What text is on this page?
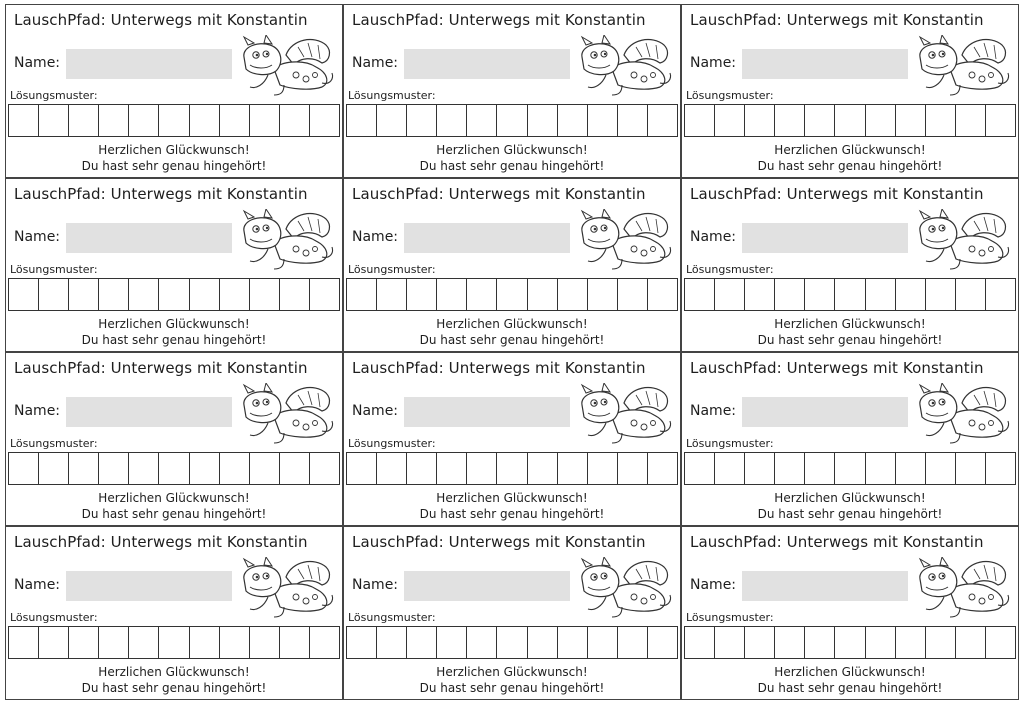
LauschPfad: Unterwegs mit Konstantin
Name:
Lösungsmuster:
Herzlichen Glückwunsch!
Du hast sehr genau hingehört!
LauschPfad: Unterwegs mit Konstantin
Name:
Lösungsmuster:
Herzlichen Glückwunsch!
Du hast sehr genau hingehört!
LauschPfad: Unterwegs mit Konstantin
Name:
Lösungsmuster:
Herzlichen Glückwunsch!
Du hast sehr genau hingehört!
LauschPfad: Unterwegs mit Konstantin
Name:
Lösungsmuster:
Herzlichen Glückwunsch!
Du hast sehr genau hingehört!
LauschPfad: Unterwegs mit Konstantin
Name:
Lösungsmuster:
Herzlichen Glückwunsch!
Du hast sehr genau hingehört!
LauschPfad: Unterwegs mit Konstantin
Name:
Lösungsmuster:
Herzlichen Glückwunsch!
Du hast sehr genau hingehört!
LauschPfad: Unterwegs mit Konstantin
Name:
Lösungsmuster:
Herzlichen Glückwunsch!
Du hast sehr genau hingehört!
LauschPfad: Unterwegs mit Konstantin
Name:
Lösungsmuster:
Herzlichen Glückwunsch!
Du hast sehr genau hingehört!
LauschPfad: Unterwegs mit Konstantin
Name:
Lösungsmuster:
Herzlichen Glückwunsch!
Du hast sehr genau hingehört!
LauschPfad: Unterwegs mit Konstantin
Name:
Lösungsmuster:
Herzlichen Glückwunsch!
Du hast sehr genau hingehört!
LauschPfad: Unterwegs mit Konstantin
Name:
Lösungsmuster:
Herzlichen Glückwunsch!
Du hast sehr genau hingehört!
LauschPfad: Unterwegs mit Konstantin
Name:
Lösungsmuster:
Herzlichen Glückwunsch!
Du hast sehr genau hingehört!
